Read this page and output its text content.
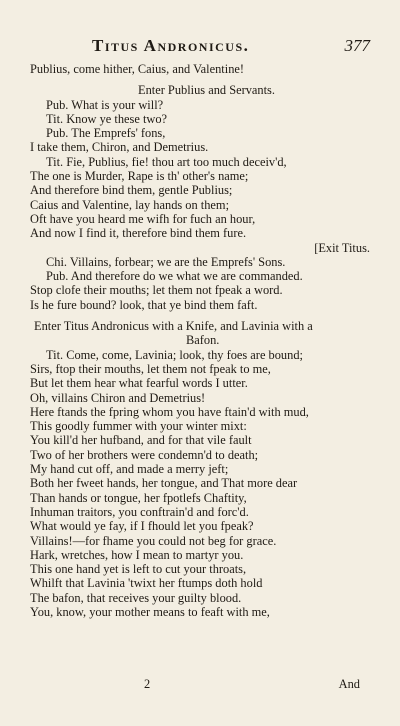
Titus Andronicus.	377
Publius, come hither, Caius, and Valentine!
Enter Publius and Servants.
Pub. What is your will?
Tit. Know ye these two?
Pub. The Emprefs' fons,
I take them, Chiron, and Demetrius.
Tit. Fie, Publius, fie! thou art too much deceiv'd,
The one is Murder, Rape is th' other's name;
And therefore bind them, gentle Publius;
Caius and Valentine, lay hands on them;
Oft have you heard me wifh for fuch an hour,
And now I find it, therefore bind them fure.
[Exit Titus.
Chi. Villains, forbear; we are the Emprefs' Sons.
Pub. And therefore do we what we are commanded.
Stop clofe their mouths; let them not fpeak a word.
Is he fure bound? look, that ye bind them faft.
Enter Titus Andronicus with a Knife, and Lavinia with a
Bafon.
Tit. Come, come, Lavinia; look, thy foes are bound;
Sirs, ftop their mouths, let them not fpeak to me,
But let them hear what fearful words I utter.
Oh, villains Chiron and Demetrius!
Here ftands the fpring whom you have ftain'd with mud,
This goodly fummer with your winter mixt:
You kill'd her hufband, and for that vile fault
Two of her brothers were condemn'd to death;
My hand cut off, and made a merry jeft;
Both her fweet hands, her tongue, and That more dear
Than hands or tongue, her fpotlefs Chaftity,
Inhuman traitors, you conftrain'd and forc'd.
What would ye fay, if I fhould let you fpeak?
Villains!—for fhame you could not beg for grace.
Hark, wretches, how I mean to martyr you.
This one hand yet is left to cut your throats,
Whilft that Lavinia 'twixt her ftumps doth hold
The bafon, that receives your guilty blood.
You, know, your mother means to feaft with me,
2	And
